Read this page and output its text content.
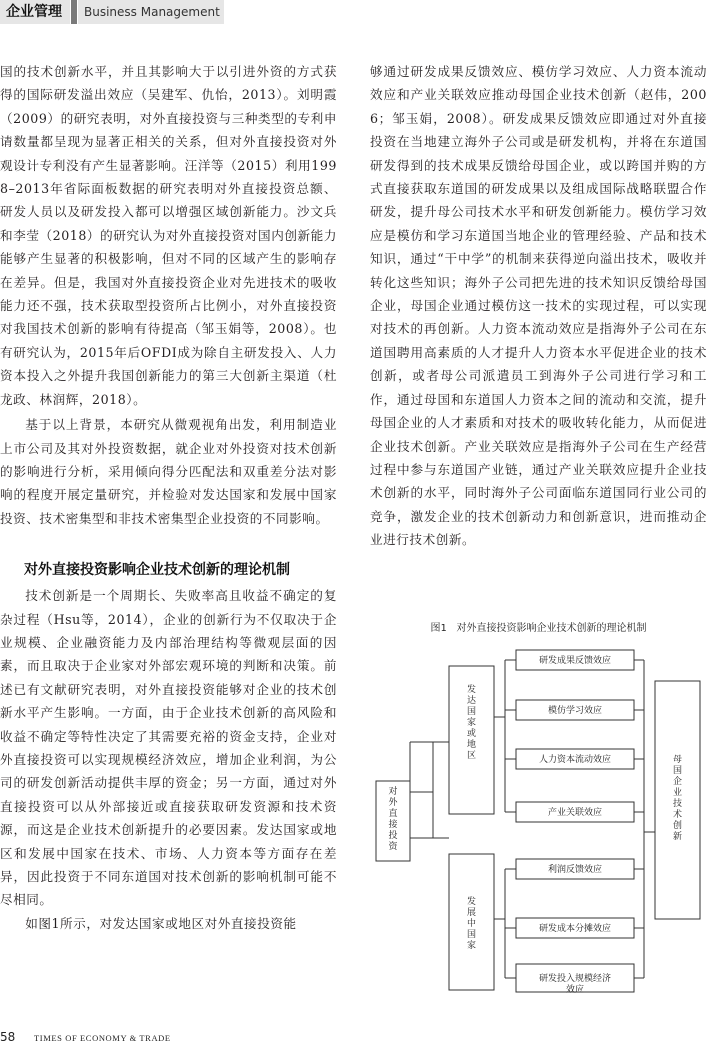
企业管理	Business Management

国的技术创新水平，并且其影响大于以引进外资的方式获得的国际研发溢出效应（吴建军、仇怡，2013）。刘明霞（2009）的研究表明，对外直接投资与三种类型的专利申请数量都呈现为显著正相关的关系，但对外直接投资对外观设计专利没有产生显著影响。汪洋等（2015）利用1998–2013年省际面板数据的研究表明对外直接投资总额、研发人员以及研发投入都可以增强区域创新能力。沙文兵和李莹（2018）的研究认为对外直接投资对国内创新能力能够产生显著的积极影响，但对不同的区域产生的影响存在差异。但是，我国对外直接投资企业对先进技术的吸收能力还不强，技术获取型投资所占比例小，对外直接投资对我国技术创新的影响有待提高（邹玉娟等，2008）。也有研究认为，2015年后OFDI成为除自主研发投入、人力资本投入之外提升我国创新能力的第三大创新主渠道（杜龙政、林润辉，2018）。

基于以上背景，本研究从微观视角出发，利用制造业上市公司及其对外投资数据，就企业对外投资对技术创新的影响进行分析，采用倾向得分匹配法和双重差分法对影响的程度开展定量研究，并检验对发达国家和发展中国家投资、技术密集型和非技术密集型企业投资的不同影响。

对外直接投资影响企业技术创新的理论机制

技术创新是一个周期长、失败率高且收益不确定的复杂过程（Hsu等，2014），企业的创新行为不仅取决于企业规模、企业融资能力及内部治理结构等微观层面的因素，而且取决于企业家对外部宏观环境的判断和决策。前述已有文献研究表明，对外直接投资能够对企业的技术创新水平产生影响。一方面，由于企业技术创新的高风险和收益不确定等特性决定了其需要充裕的资金支持，企业对外直接投资可以实现规模经济效应，增加企业利润，为公司的研发创新活动提供丰厚的资金；另一方面，通过对外直接投资可以从外部接近或直接获取研发资源和技术资源，而这是企业技术创新提升的必要因素。发达国家或地区和发展中国家在技术、市场、人力资本等方面存在差异，因此投资于不同东道国对技术创新的影响机制可能不尽相同。

如图1所示，对发达国家或地区对外直接投资能

够通过研发成果反馈效应、模仿学习效应、人力资本流动效应和产业关联效应推动母国企业技术创新（赵伟，2006；邹玉娟，2008）。研发成果反馈效应即通过对外直接投资在当地建立海外子公司或是研发机构，并将在东道国研发得到的技术成果反馈给母国企业，或以跨国并购的方式直接获取东道国的研发成果以及组成国际战略联盟合作研发，提升母公司技术水平和研发创新能力。模仿学习效应是模仿和学习东道国当地企业的管理经验、产品和技术知识，通过“干中学”的机制来获得逆向溢出技术，吸收并转化这些知识；海外子公司把先进的技术知识反馈给母国企业，母国企业通过模仿这一技术的实现过程，可以实现对技术的再创新。人力资本流动效应是指海外子公司在东道国聘用高素质的人才提升人力资本水平促进企业的技术创新，或者母公司派遣员工到海外子公司进行学习和工作，通过母国和东道国人力资本之间的流动和交流，提升母国企业的人才素质和对技术的吸收转化能力，从而促进企业技术创新。产业关联效应是指海外子公司在生产经营过程中参与东道国产业链，通过产业关联效应提升企业技术创新的水平，同时海外子公司面临东道国同行业公司的竞争，激发企业的技术创新动力和创新意识，进而推动企业进行技术创新。

图1　对外直接投资影响企业技术创新的理论机制
对外直接投资
发达国家或地区
发展中国家
母国企业技术创新
研发成果反馈效应
模仿学习效应
人力资本流动效应
产业关联效应
利润反馈效应
研发成本分摊效应
研发投入规模经济效应
58 TIMES OF ECONOMY & TRADE
